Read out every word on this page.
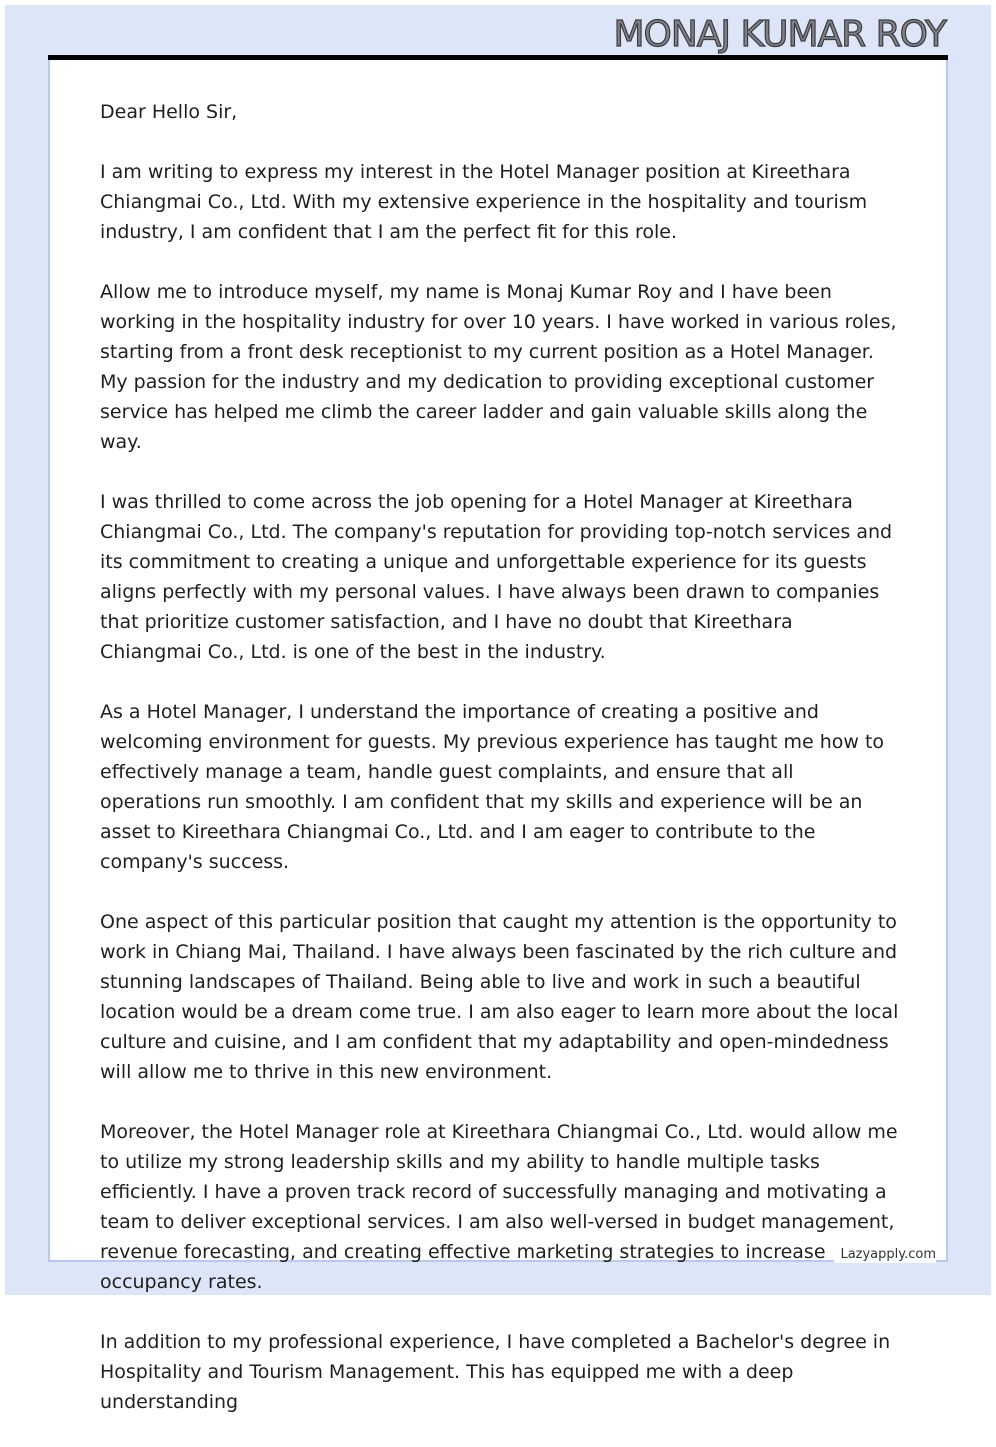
MONAJ KUMAR ROY

Dear Hello Sir,

I am writing to express my interest in the Hotel Manager position at Kireethara Chiangmai Co., Ltd. With my extensive experience in the hospitality and tourism industry, I am confident that I am the perfect fit for this role.

Allow me to introduce myself, my name is Monaj Kumar Roy and I have been working in the hospitality industry for over 10 years. I have worked in various roles, starting from a front desk receptionist to my current position as a Hotel Manager. My passion for the industry and my dedication to providing exceptional customer service has helped me climb the career ladder and gain valuable skills along the way.

I was thrilled to come across the job opening for a Hotel Manager at Kireethara Chiangmai Co., Ltd. The company's reputation for providing top-notch services and its commitment to creating a unique and unforgettable experience for its guests aligns perfectly with my personal values. I have always been drawn to companies that prioritize customer satisfaction, and I have no doubt that Kireethara Chiangmai Co., Ltd. is one of the best in the industry.

As a Hotel Manager, I understand the importance of creating a positive and welcoming environment for guests. My previous experience has taught me how to effectively manage a team, handle guest complaints, and ensure that all operations run smoothly. I am confident that my skills and experience will be an asset to Kireethara Chiangmai Co., Ltd. and I am eager to contribute to the company's success.

One aspect of this particular position that caught my attention is the opportunity to work in Chiang Mai, Thailand. I have always been fascinated by the rich culture and stunning landscapes of Thailand. Being able to live and work in such a beautiful location would be a dream come true. I am also eager to learn more about the local culture and cuisine, and I am confident that my adaptability and open-mindedness will allow me to thrive in this new environment.

Moreover, the Hotel Manager role at Kireethara Chiangmai Co., Ltd. would allow me to utilize my strong leadership skills and my ability to handle multiple tasks efficiently. I have a proven track record of successfully managing and motivating a team to deliver exceptional services. I am also well-versed in budget management, revenue forecasting, and creating effective marketing strategies to increase occupancy rates.

In addition to my professional experience, I have completed a Bachelor's degree in Hospitality and Tourism Management. This has equipped me with a deep understanding

Lazyapply.com
